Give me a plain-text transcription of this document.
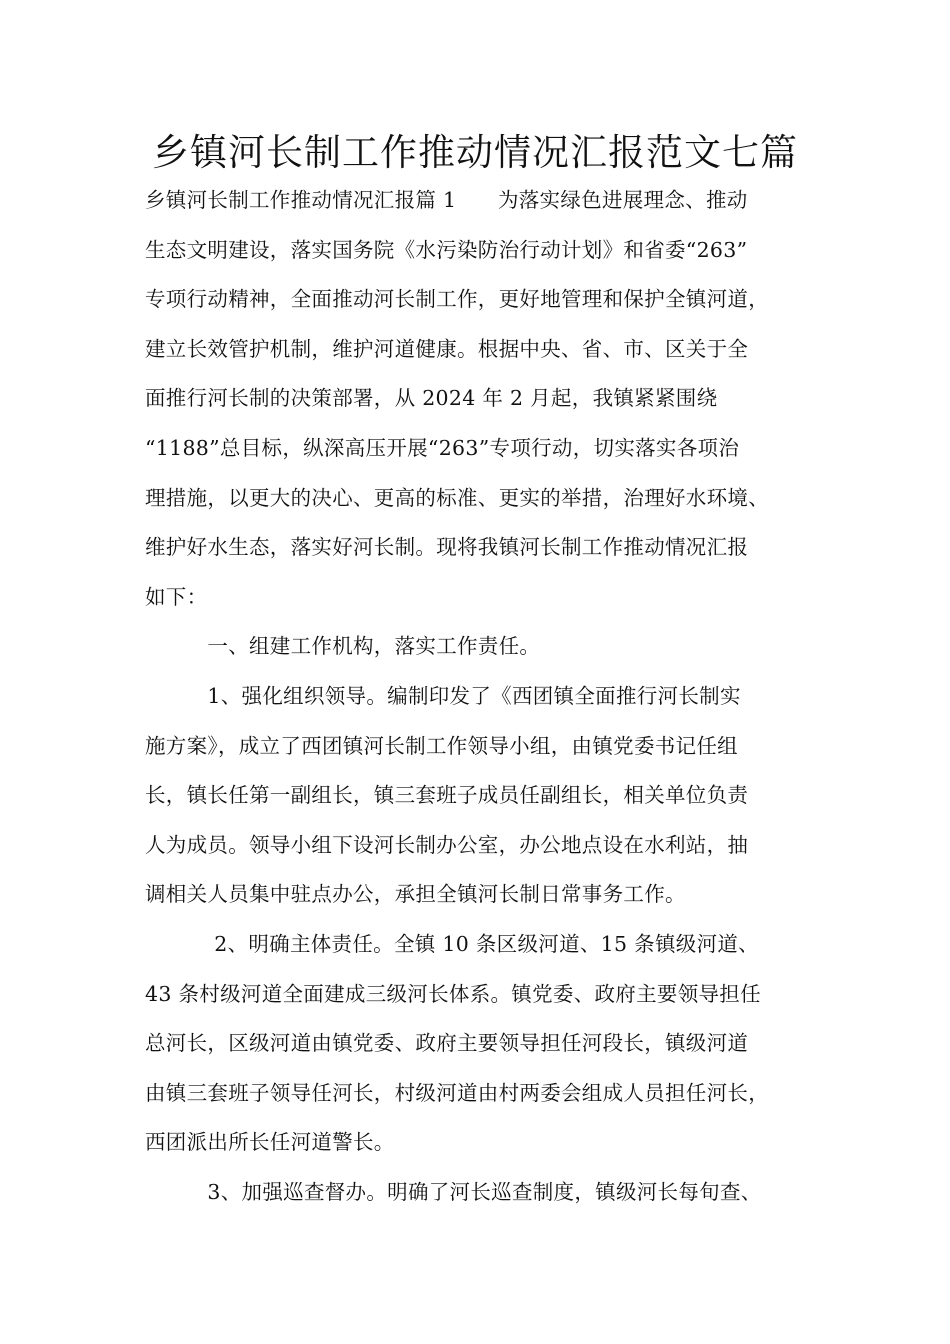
乡镇河长制工作推动情况汇报范文七篇
乡镇河长制工作推动情况汇报篇 1　　为落实绿色进展理念、推动
生态文明建设，落实国务院《水污染防治行动计划》和省委“263”
专项行动精神，全面推动河长制工作，更好地管理和保护全镇河道，
建立长效管护机制，维护河道健康。根据中央、省、市、区关于全
面推行河长制的决策部署，从 2024 年 2 月起，我镇紧紧围绕
“1188”总目标，纵深高压开展“263”专项行动，切实落实各项治
理措施，以更大的决心、更高的标准、更实的举措，治理好水环境、
维护好水生态，落实好河长制。现将我镇河长制工作推动情况汇报
如下：
　　　一、组建工作机构，落实工作责任。
　　　1、强化组织领导。编制印发了《西团镇全面推行河长制实
施方案》，成立了西团镇河长制工作领导小组，由镇党委书记任组
长，镇长任第一副组长，镇三套班子成员任副组长，相关单位负责
人为成员。领导小组下设河长制办公室，办公地点设在水利站，抽
调相关人员集中驻点办公，承担全镇河长制日常事务工作。
　　　 2、明确主体责任。全镇 10 条区级河道、15 条镇级河道、
43 条村级河道全面建成三级河长体系。镇党委、政府主要领导担任
总河长，区级河道由镇党委、政府主要领导担任河段长，镇级河道
由镇三套班子领导任河长，村级河道由村两委会组成人员担任河长，
西团派出所长任河道警长。
　　　3、加强巡查督办。明确了河长巡查制度，镇级河长每旬查、
